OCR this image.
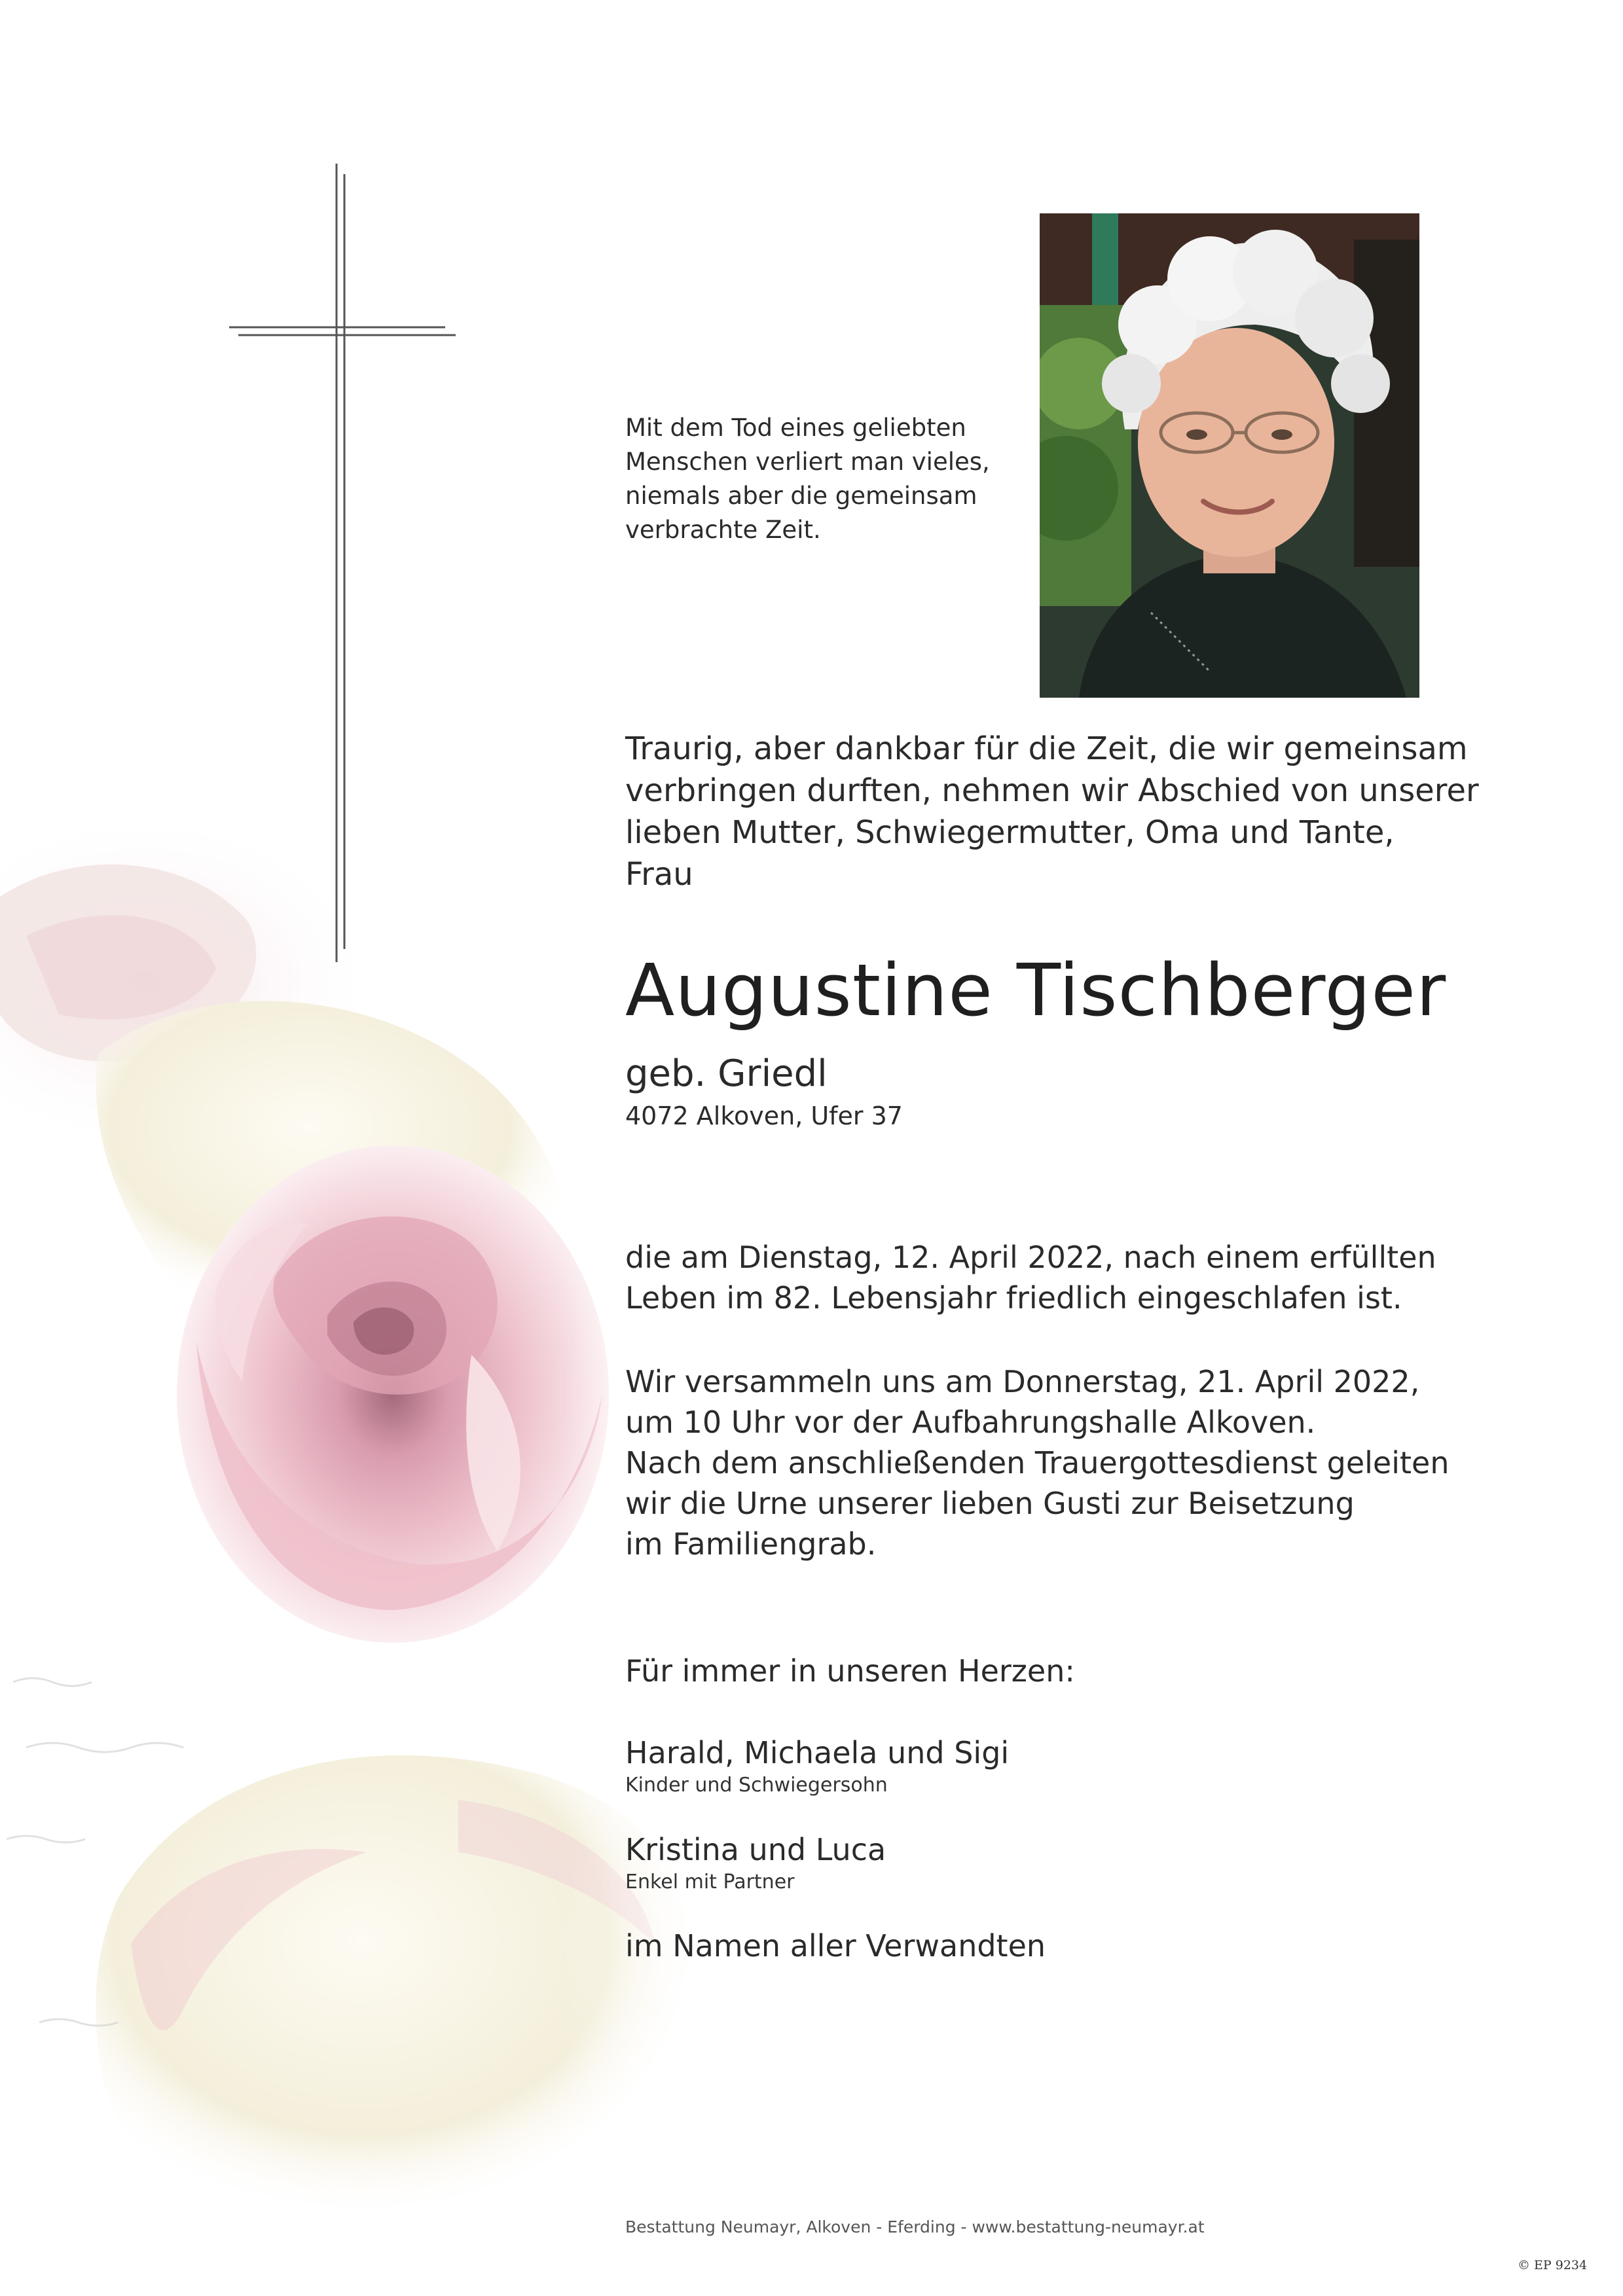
Mit dem Tod eines geliebten
Menschen verliert man vieles,
niemals aber die gemeinsam
verbrachte Zeit.

Traurig, aber dankbar für die Zeit, die wir gemeinsam
verbringen durften, nehmen wir Abschied von unserer
lieben Mutter, Schwiegermutter, Oma und Tante,
Frau

Augustine Tischberger

geb. Griedl

4072 Alkoven, Ufer 37

die am Dienstag, 12. April 2022, nach einem erfüllten
Leben im 82. Lebensjahr friedlich eingeschlafen ist.

Wir versammeln uns am Donnerstag, 21. April 2022,
um 10 Uhr vor der Aufbahrungshalle Alkoven.
Nach dem anschließenden Trauergottesdienst geleiten
wir die Urne unserer lieben Gusti zur Beisetzung
im Familiengrab.

Für immer in unseren Herzen:

Harald, Michaela und Sigi

Kinder und Schwiegersohn

Kristina und Luca

Enkel mit Partner

im Namen aller Verwandten

Bestattung Neumayr, Alkoven - Eferding - www.bestattung-neumayr.at

© EP 9234
